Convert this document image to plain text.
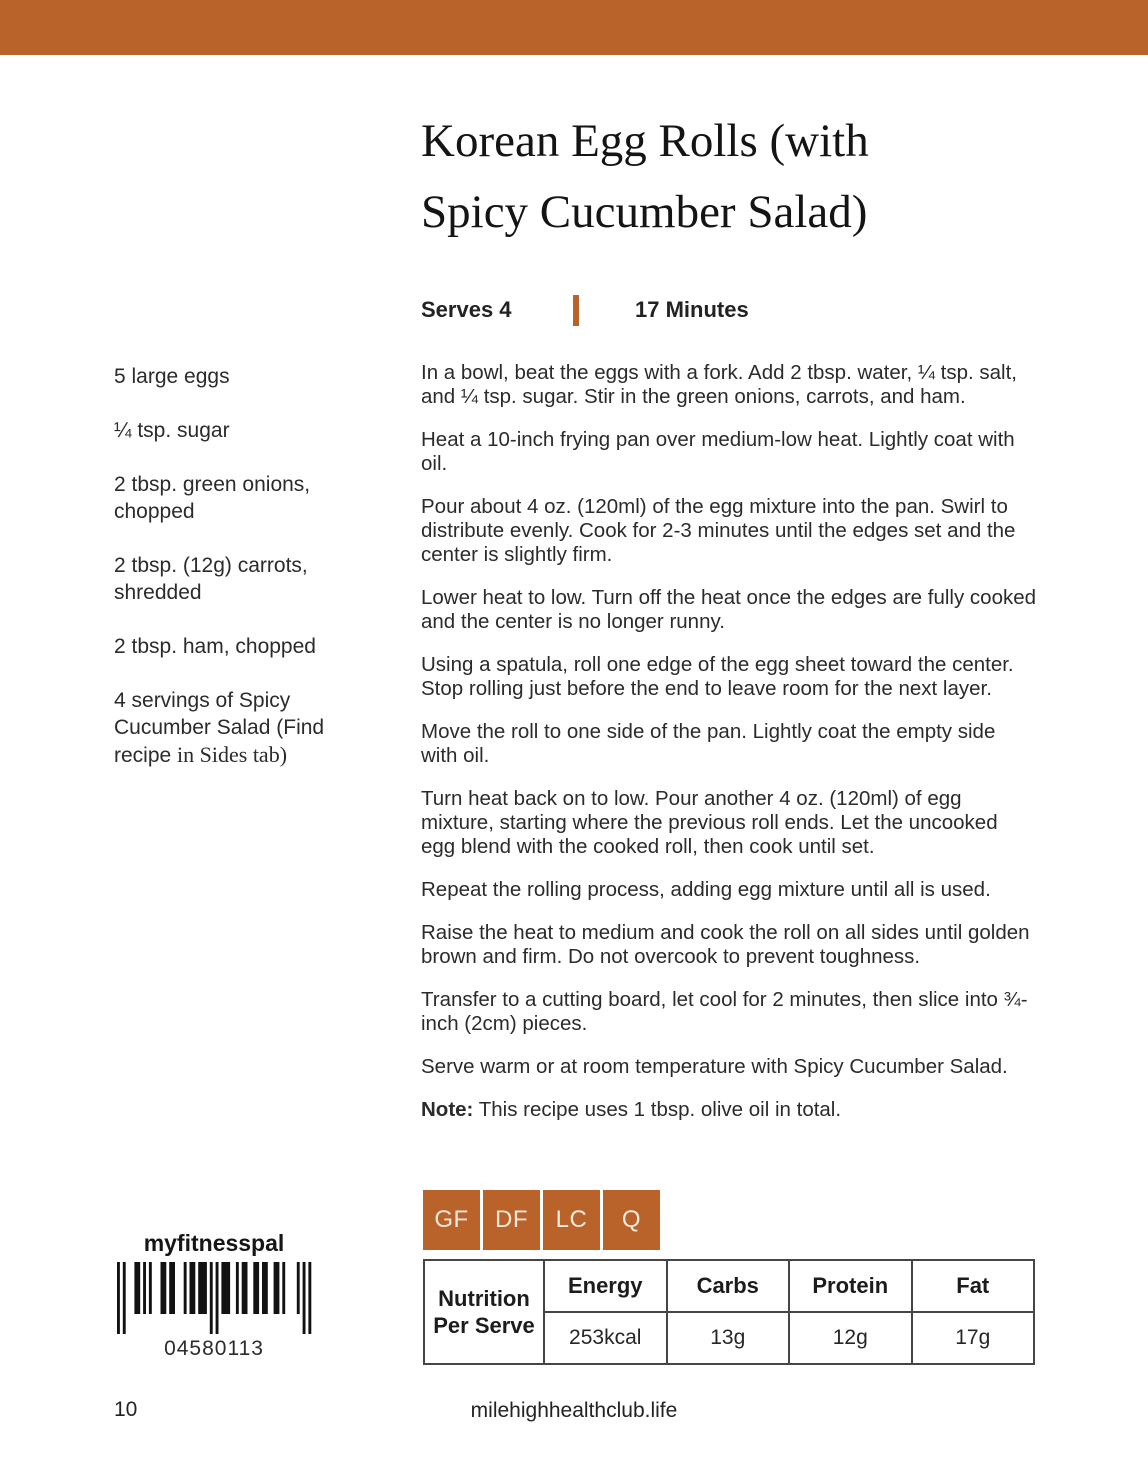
Korean Egg Rolls (with
Spicy Cucumber Salad)
Serves 4	17 Minutes
5 large eggs
¼ tsp. sugar
2 tbsp. green onions, chopped
2 tbsp. (12g) carrots, shredded
2 tbsp. ham, chopped
4 servings of Spicy Cucumber Salad (Find recipe in Sides tab)

In a bowl, beat the eggs with a fork. Add 2 tbsp. water, ¼ tsp. salt, and ¼ tsp. sugar. Stir in the green onions, carrots, and ham.

Heat a 10-inch frying pan over medium-low heat. Lightly coat with oil.

Pour about 4 oz. (120ml) of the egg mixture into the pan. Swirl to distribute evenly. Cook for 2-3 minutes until the edges set and the center is slightly firm.

Lower heat to low. Turn off the heat once the edges are fully cooked and the center is no longer runny.

Using a spatula, roll one edge of the egg sheet toward the center. Stop rolling just before the end to leave room for the next layer.

Move the roll to one side of the pan. Lightly coat the empty side with oil.

Turn heat back on to low. Pour another 4 oz. (120ml) of egg mixture, starting where the previous roll ends. Let the uncooked egg blend with the cooked roll, then cook until set.

Repeat the rolling process, adding egg mixture until all is used.

Raise the heat to medium and cook the roll on all sides until golden brown and firm. Do not overcook to prevent toughness.

Transfer to a cutting board, let cool for 2 minutes, then slice into ¾-inch (2cm) pieces.

Serve warm or at room temperature with Spicy Cucumber Salad.

Note: This recipe uses 1 tbsp. olive oil in total.

GF	DF	LC	Q
myfitnesspal
04580113
Nutrition Per Serve	Energy	Carbs	Protein	Fat
	253kcal	13g	12g	17g
10	milehighhealthclub.life
